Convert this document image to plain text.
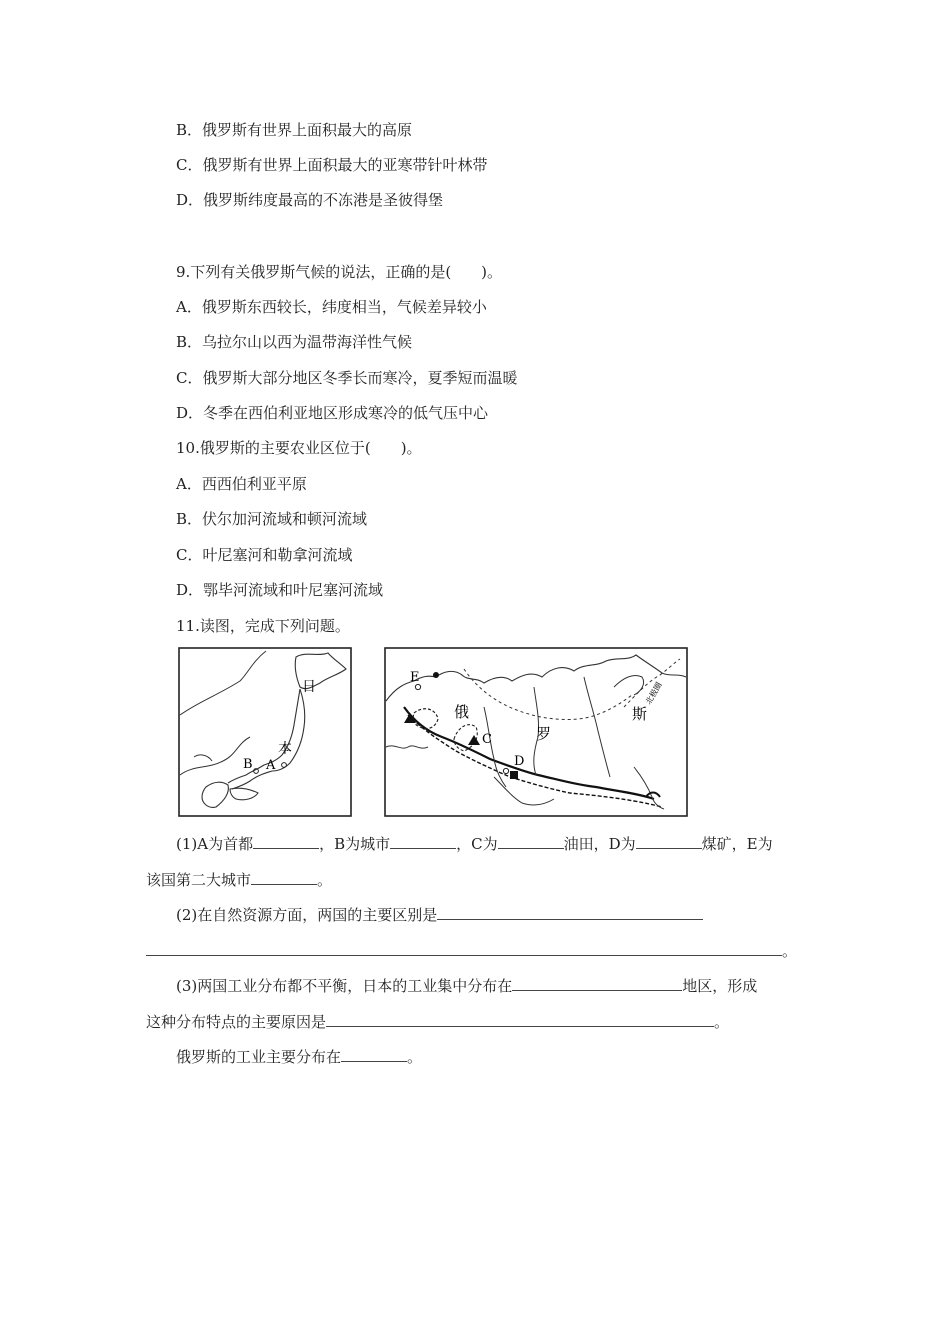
B．俄罗斯有世界上面积最大的高原
C．俄罗斯有世界上面积最大的亚寒带针叶林带
D．俄罗斯纬度最高的不冻港是圣彼得堡
9.下列有关俄罗斯气候的说法，正确的是(　　)。
A．俄罗斯东西较长，纬度相当，气候差异较小
B．乌拉尔山以西为温带海洋性气候
C．俄罗斯大部分地区冬季长而寒冷，夏季短而温暖
D．冬季在西伯利亚地区形成寒冷的低气压中心
10.俄罗斯的主要农业区位于(　　)。
A．西西伯利亚平原
B．伏尔加河流域和顿河流域
C．叶尼塞河和勒拿河流域
D．鄂毕河流域和叶尼塞河流域
11.读图，完成下列问题。
日
本
A
B
E
俄
罗
斯
C
D
北极圈
(1)A为首都	，B为城市	，C为	油田，D为	煤矿，E为
该国第二大城市	。
(2)在自然资源方面，两国的主要区别是
。
(3)两国工业分布都不平衡，日本的工业集中分布在	地区，形成
这种分布特点的主要原因是	。
俄罗斯的工业主要分布在	。
